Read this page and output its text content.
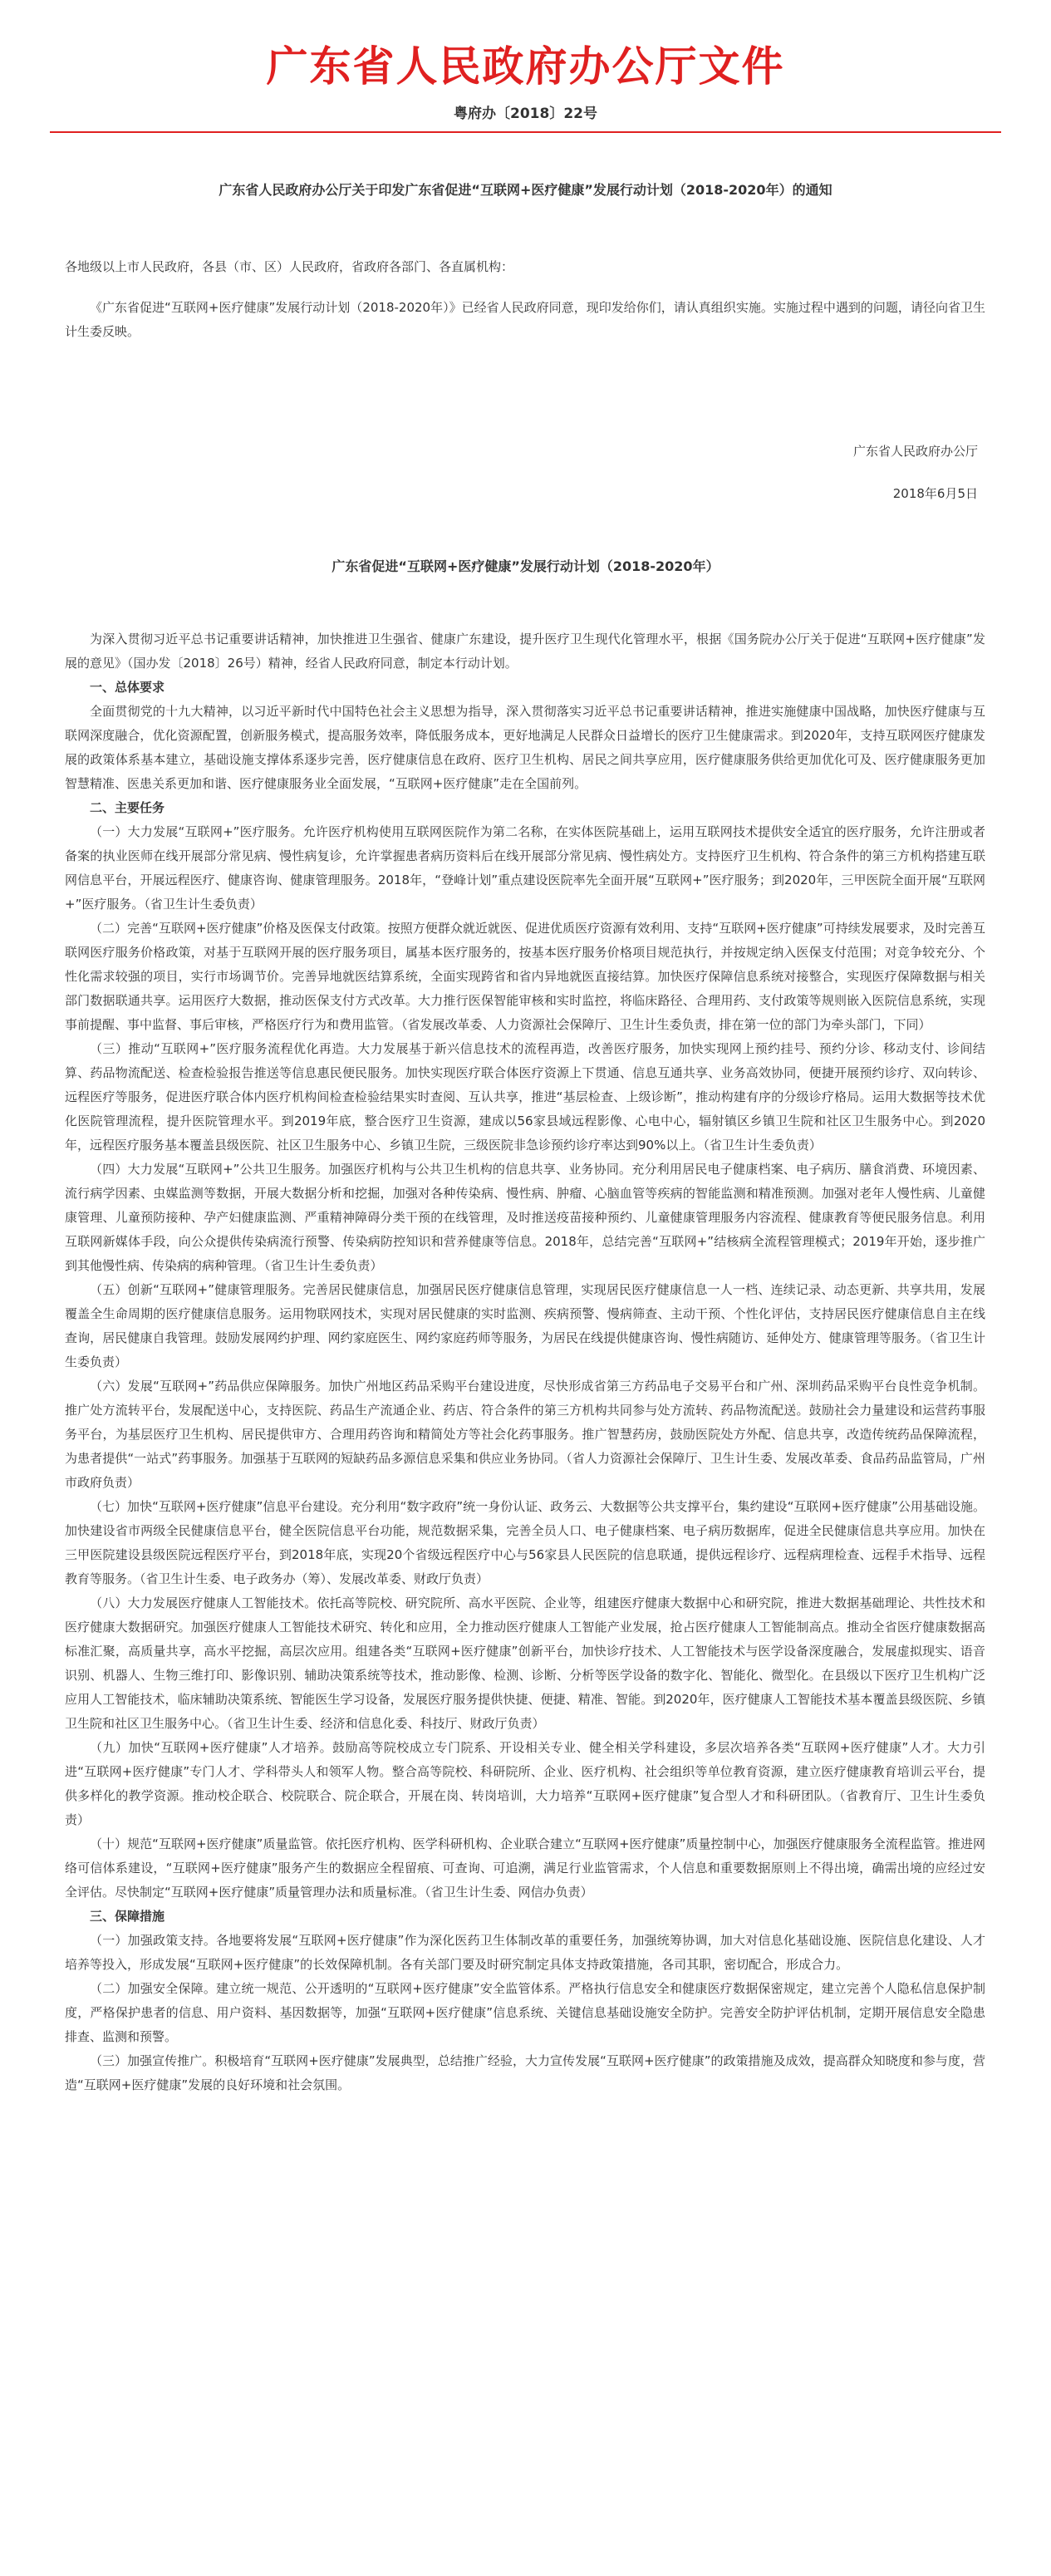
广东省人民政府办公厅文件
粤府办〔2018〕22号
广东省人民政府办公厅关于印发广东省促进“互联网+医疗健康”发展行动计划（2018-2020年）的通知
各地级以上市人民政府，各县（市、区）人民政府，省政府各部门、各直属机构：

《广东省促进“互联网+医疗健康”发展行动计划（2018-2020年）》已经省人民政府同意，现印发给你们，请认真组织实施。实施过程中遇到的问题，请径向省卫生计生委反映。

广东省人民政府办公厅
2018年6月5日
广东省促进“互联网+医疗健康”发展行动计划（2018-2020年）

为深入贯彻习近平总书记重要讲话精神，加快推进卫生强省、健康广东建设，提升医疗卫生现代化管理水平，根据《国务院办公厅关于促进“互联网+医疗健康”发展的意见》（国办发〔2018〕26号）精神，经省人民政府同意，制定本行动计划。

一、总体要求

全面贯彻党的十九大精神，以习近平新时代中国特色社会主义思想为指导，深入贯彻落实习近平总书记重要讲话精神，推进实施健康中国战略，加快医疗健康与互联网深度融合，优化资源配置，创新服务模式，提高服务效率，降低服务成本，更好地满足人民群众日益增长的医疗卫生健康需求。到2020年，支持互联网医疗健康发展的政策体系基本建立，基础设施支撑体系逐步完善，医疗健康信息在政府、医疗卫生机构、居民之间共享应用，医疗健康服务供给更加优化可及、医疗健康服务更加智慧精准、医患关系更加和谐、医疗健康服务业全面发展，“互联网+医疗健康”走在全国前列。

二、主要任务

（一）大力发展“互联网+”医疗服务。允许医疗机构使用互联网医院作为第二名称，在实体医院基础上，运用互联网技术提供安全适宜的医疗服务，允许注册或者备案的执业医师在线开展部分常见病、慢性病复诊，允许掌握患者病历资料后在线开展部分常见病、慢性病处方。支持医疗卫生机构、符合条件的第三方机构搭建互联网信息平台，开展远程医疗、健康咨询、健康管理服务。2018年，“登峰计划”重点建设医院率先全面开展“互联网+”医疗服务；到2020年，三甲医院全面开展“互联网+”医疗服务。（省卫生计生委负责）

（二）完善“互联网+医疗健康”价格及医保支付政策。按照方便群众就近就医、促进优质医疗资源有效利用、支持“互联网+医疗健康”可持续发展要求，及时完善互联网医疗服务价格政策，对基于互联网开展的医疗服务项目，属基本医疗服务的，按基本医疗服务价格项目规范执行，并按规定纳入医保支付范围；对竞争较充分、个性化需求较强的项目，实行市场调节价。完善异地就医结算系统，全面实现跨省和省内异地就医直接结算。加快医疗保障信息系统对接整合，实现医疗保障数据与相关部门数据联通共享。运用医疗大数据，推动医保支付方式改革。大力推行医保智能审核和实时监控，将临床路径、合理用药、支付政策等规则嵌入医院信息系统，实现事前提醒、事中监督、事后审核，严格医疗行为和费用监管。（省发展改革委、人力资源社会保障厅、卫生计生委负责，排在第一位的部门为牵头部门，下同）

（三）推动“互联网+”医疗服务流程优化再造。大力发展基于新兴信息技术的流程再造，改善医疗服务，加快实现网上预约挂号、预约分诊、移动支付、诊间结算、药品物流配送、检查检验报告推送等信息惠民便民服务。加快实现医疗联合体医疗资源上下贯通、信息互通共享、业务高效协同，便捷开展预约诊疗、双向转诊、远程医疗等服务，促进医疗联合体内医疗机构间检查检验结果实时查阅、互认共享，推进“基层检查、上级诊断”，推动构建有序的分级诊疗格局。运用大数据等技术优化医院管理流程，提升医院管理水平。到2019年底，整合医疗卫生资源，建成以56家县域远程影像、心电中心，辐射镇区乡镇卫生院和社区卫生服务中心。到2020年，远程医疗服务基本覆盖县级医院、社区卫生服务中心、乡镇卫生院，三级医院非急诊预约诊疗率达到90%以上。（省卫生计生委负责）

（四）大力发展“互联网+”公共卫生服务。加强医疗机构与公共卫生机构的信息共享、业务协同。充分利用居民电子健康档案、电子病历、膳食消费、环境因素、流行病学因素、虫媒监测等数据，开展大数据分析和挖掘，加强对各种传染病、慢性病、肿瘤、心脑血管等疾病的智能监测和精准预测。加强对老年人慢性病、儿童健康管理、儿童预防接种、孕产妇健康监测、严重精神障碍分类干预的在线管理，及时推送疫苗接种预约、儿童健康管理服务内容流程、健康教育等便民服务信息。利用互联网新媒体手段，向公众提供传染病流行预警、传染病防控知识和营养健康等信息。2018年，总结完善“互联网+”结核病全流程管理模式；2019年开始，逐步推广到其他慢性病、传染病的病种管理。（省卫生计生委负责）

（五）创新“互联网+”健康管理服务。完善居民健康信息，加强居民医疗健康信息管理，实现居民医疗健康信息一人一档、连续记录、动态更新、共享共用，发展覆盖全生命周期的医疗健康信息服务。运用物联网技术，实现对居民健康的实时监测、疾病预警、慢病筛查、主动干预、个性化评估，支持居民医疗健康信息自主在线查询，居民健康自我管理。鼓励发展网约护理、网约家庭医生、网约家庭药师等服务，为居民在线提供健康咨询、慢性病随访、延伸处方、健康管理等服务。（省卫生计生委负责）

（六）发展“互联网+”药品供应保障服务。加快广州地区药品采购平台建设进度，尽快形成省第三方药品电子交易平台和广州、深圳药品采购平台良性竞争机制。推广处方流转平台，发展配送中心，支持医院、药品生产流通企业、药店、符合条件的第三方机构共同参与处方流转、药品物流配送。鼓励社会力量建设和运营药事服务平台，为基层医疗卫生机构、居民提供审方、合理用药咨询和精简处方等社会化药事服务。推广智慧药房，鼓励医院处方外配、信息共享，改造传统药品保障流程，为患者提供“一站式”药事服务。加强基于互联网的短缺药品多源信息采集和供应业务协同。（省人力资源社会保障厅、卫生计生委、发展改革委、食品药品监管局，广州市政府负责）

（七）加快“互联网+医疗健康”信息平台建设。充分利用“数字政府”统一身份认证、政务云、大数据等公共支撑平台，集约建设“互联网+医疗健康”公用基础设施。加快建设省市两级全民健康信息平台，健全医院信息平台功能，规范数据采集，完善全员人口、电子健康档案、电子病历数据库，促进全民健康信息共享应用。加快在三甲医院建设县级医院远程医疗平台，到2018年底，实现20个省级远程医疗中心与56家县人民医院的信息联通，提供远程诊疗、远程病理检查、远程手术指导、远程教育等服务。（省卫生计生委、电子政务办（筹）、发展改革委、财政厅负责）

（八）大力发展医疗健康人工智能技术。依托高等院校、研究院所、高水平医院、企业等，组建医疗健康大数据中心和研究院，推进大数据基础理论、共性技术和医疗健康大数据研究。加强医疗健康人工智能技术研究、转化和应用，全力推动医疗健康人工智能产业发展，抢占医疗健康人工智能制高点。推动全省医疗健康数据高标准汇聚，高质量共享，高水平挖掘，高层次应用。组建各类“互联网+医疗健康”创新平台，加快诊疗技术、人工智能技术与医学设备深度融合，发展虚拟现实、语音识别、机器人、生物三维打印、影像识别、辅助决策系统等技术，推动影像、检测、诊断、分析等医学设备的数字化、智能化、微型化。在县级以下医疗卫生机构广泛应用人工智能技术，临床辅助决策系统、智能医生学习设备，发展医疗服务提供快捷、便捷、精准、智能。到2020年，医疗健康人工智能技术基本覆盖县级医院、乡镇卫生院和社区卫生服务中心。（省卫生计生委、经济和信息化委、科技厅、财政厅负责）

（九）加快“互联网+医疗健康”人才培养。鼓励高等院校成立专门院系、开设相关专业、健全相关学科建设，多层次培养各类“互联网+医疗健康”人才。大力引进“互联网+医疗健康”专门人才、学科带头人和领军人物。整合高等院校、科研院所、企业、医疗机构、社会组织等单位教育资源，建立医疗健康教育培训云平台，提供多样化的教学资源。推动校企联合、校院联合、院企联合，开展在岗、转岗培训，大力培养“互联网+医疗健康”复合型人才和科研团队。（省教育厅、卫生计生委负责）

（十）规范“互联网+医疗健康”质量监管。依托医疗机构、医学科研机构、企业联合建立“互联网+医疗健康”质量控制中心，加强医疗健康服务全流程监管。推进网络可信体系建设，“互联网+医疗健康”服务产生的数据应全程留痕、可查询、可追溯，满足行业监管需求，个人信息和重要数据原则上不得出境，确需出境的应经过安全评估。尽快制定“互联网+医疗健康”质量管理办法和质量标准。（省卫生计生委、网信办负责）

三、保障措施

（一）加强政策支持。各地要将发展“互联网+医疗健康”作为深化医药卫生体制改革的重要任务，加强统筹协调，加大对信息化基础设施、医院信息化建设、人才培养等投入，形成发展“互联网+医疗健康”的长效保障机制。各有关部门要及时研究制定具体支持政策措施，各司其职，密切配合，形成合力。

（二）加强安全保障。建立统一规范、公开透明的“互联网+医疗健康”安全监管体系。严格执行信息安全和健康医疗数据保密规定，建立完善个人隐私信息保护制度，严格保护患者的信息、用户资料、基因数据等，加强“互联网+医疗健康”信息系统、关键信息基础设施安全防护。完善安全防护评估机制，定期开展信息安全隐患排查、监测和预警。

（三）加强宣传推广。积极培育“互联网+医疗健康”发展典型，总结推广经验，大力宣传发展“互联网+医疗健康”的政策措施及成效，提高群众知晓度和参与度，营造“互联网+医疗健康”发展的良好环境和社会氛围。
